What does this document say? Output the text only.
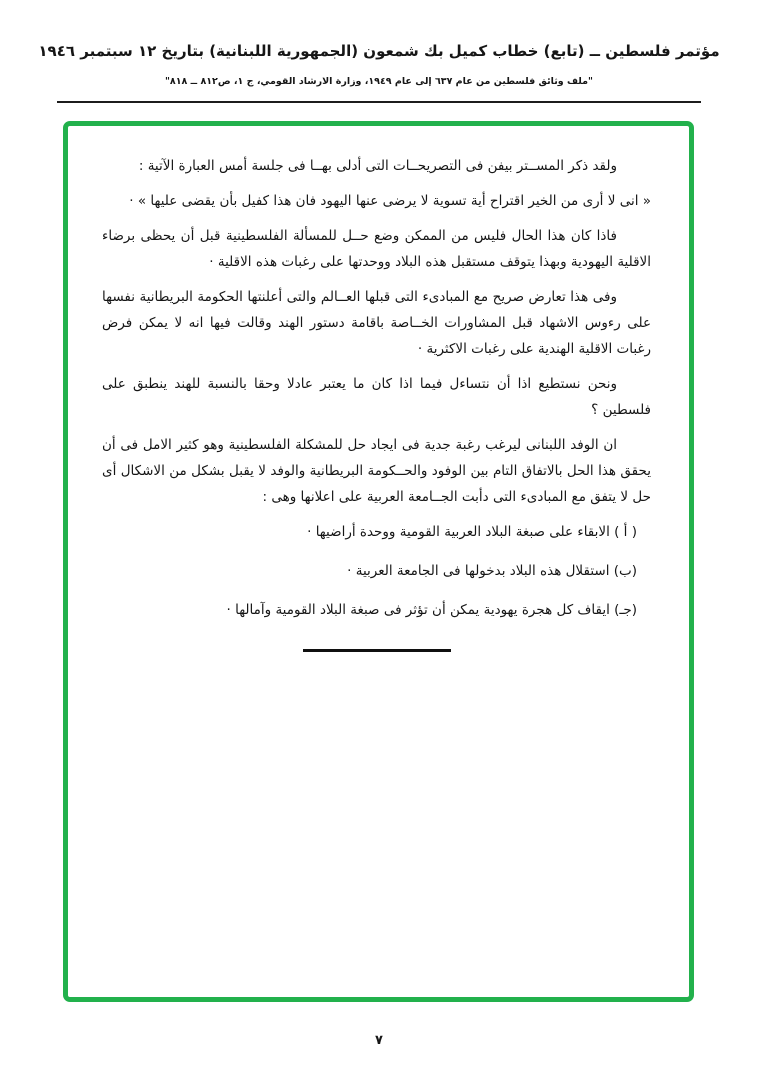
مؤتمر فلسطين ــ (تابع) خطاب كميل بك شمعون (الجمهورية اللبنانية) بتاريخ ١٢ سبتمبر ١٩٤٦
"ملف وثائق فلسطين من عام ٦٣٧ إلى عام ١٩٤٩، وزارة الارشاد القومي، ج ١، ص٨١٢ ــ ٨١٨"

ولقد ذكر المســتر بيفن فى التصريحــات التى أدلى بهــا فى جلسة أمس العبارة الآتية :

« انى لا أرى من الخير اقتراح أية تسوية لا يرضى عنها اليهود فان هذا كفيل بأن يقضى عليها » ·

فاذا كان هذا الحال فليس من الممكن وضع حــل للمسألة الفلسطينية قبل أن يحظى برضاء الاقلية اليهودية وبهذا يتوقف مستقبل هذه البلاد ووحدتها على رغبات هذه الاقلية ·

وفى هذا تعارض صريح مع المبادىء التى قبلها العــالم والتى أعلنتها الحكومة البريطانية نفسها على رءوس الاشهاد قبل المشاورات الخــاصة باقامة دستور الهند وقالت فيها انه لا يمكن فرض رغبات الاقلية الهندية على رغبات الاكثرية ·

ونحن نستطيع اذا أن نتساءل فيما اذا كان ما يعتبر عادلا وحقا بالنسبة للهند ينطبق على فلسطين ؟

ان الوفد اللبنانى ليرغب رغبة جدية فى ايجاد حل للمشكلة الفلسطينية وهو كثير الامل فى أن يحقق هذا الحل بالاتفاق التام بين الوفود والحــكومة البريطانية والوفد لا يقبل بشكل من الاشكال أى حل لا يتفق مع المبادىء التى دأبت الجــامعة العربية على اعلانها وهى :

( أ ) الابقاء على صبغة البلاد العربية القومية ووحدة أراضيها ·

(ب) استقلال هذه البلاد بدخولها فى الجامعة العربية ·

(جـ) ايقاف كل هجرة يهودية يمكن أن تؤثر فى صبغة البلاد القومية وآمالها ·

٧
